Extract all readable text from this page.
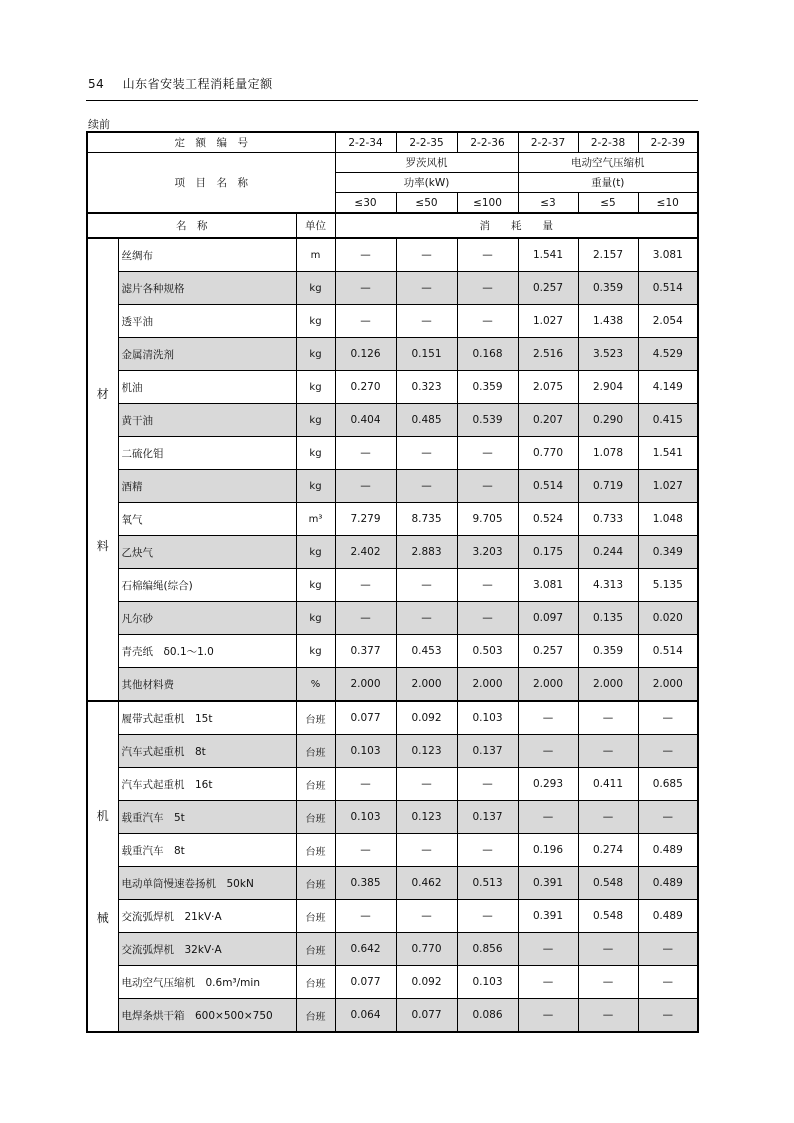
54 山东省安装工程消耗量定额
续前
定　额　编　号			2-2-34	2-2-35	2-2-36	2-2-37	2-2-38	2-2-39
项　目　名　称			罗茨风机			电动空气压缩机		
			功率(kW)			重量(t)		
			≤30	≤50	≤100	≤3	≤5	≤10
名　称		单位	消　　耗　　量					

材
料	丝绸布	m	—	—	—	1.541	2.157	3.081
	滤片各种规格	kg	—	—	—	0.257	0.359	0.514
	透平油	kg	—	—	—	1.027	1.438	2.054
	金属清洗剂	kg	0.126	0.151	0.168	2.516	3.523	4.529
	机油	kg	0.270	0.323	0.359	2.075	2.904	4.149
	黄干油	kg	0.404	0.485	0.539	0.207	0.290	0.415
	二硫化钼	kg	—	—	—	0.770	1.078	1.541
	酒精	kg	—	—	—	0.514	0.719	1.027
	氧气	m³	7.279	8.735	9.705	0.524	0.733	1.048
	乙炔气	kg	2.402	2.883	3.203	0.175	0.244	0.349
	石棉编绳(综合)	kg	—	—	—	3.081	4.313	5.135
	凡尔砂	kg	—	—	—	0.097	0.135	0.020
	青壳纸　δ0.1～1.0	kg	0.377	0.453	0.503	0.257	0.359	0.514
	其他材料费	%	2.000	2.000	2.000	2.000	2.000	2.000

机
械	履带式起重机　15t	台班	0.077	0.092	0.103	—	—	—
	汽车式起重机　8t	台班	0.103	0.123	0.137	—	—	—
	汽车式起重机　16t	台班	—	—	—	0.293	0.411	0.685
	载重汽车　5t	台班	0.103	0.123	0.137	—	—	—
	载重汽车　8t	台班	—	—	—	0.196	0.274	0.489
	电动单筒慢速卷扬机　50kN	台班	0.385	0.462	0.513	0.391	0.548	0.489
	交流弧焊机　21kV·A	台班	—	—	—	0.391	0.548	0.489
	交流弧焊机　32kV·A	台班	0.642	0.770	0.856	—	—	—
	电动空气压缩机　0.6m³/min	台班	0.077	0.092	0.103	—	—	—
	电焊条烘干箱　600×500×750	台班	0.064	0.077	0.086	—	—	—
